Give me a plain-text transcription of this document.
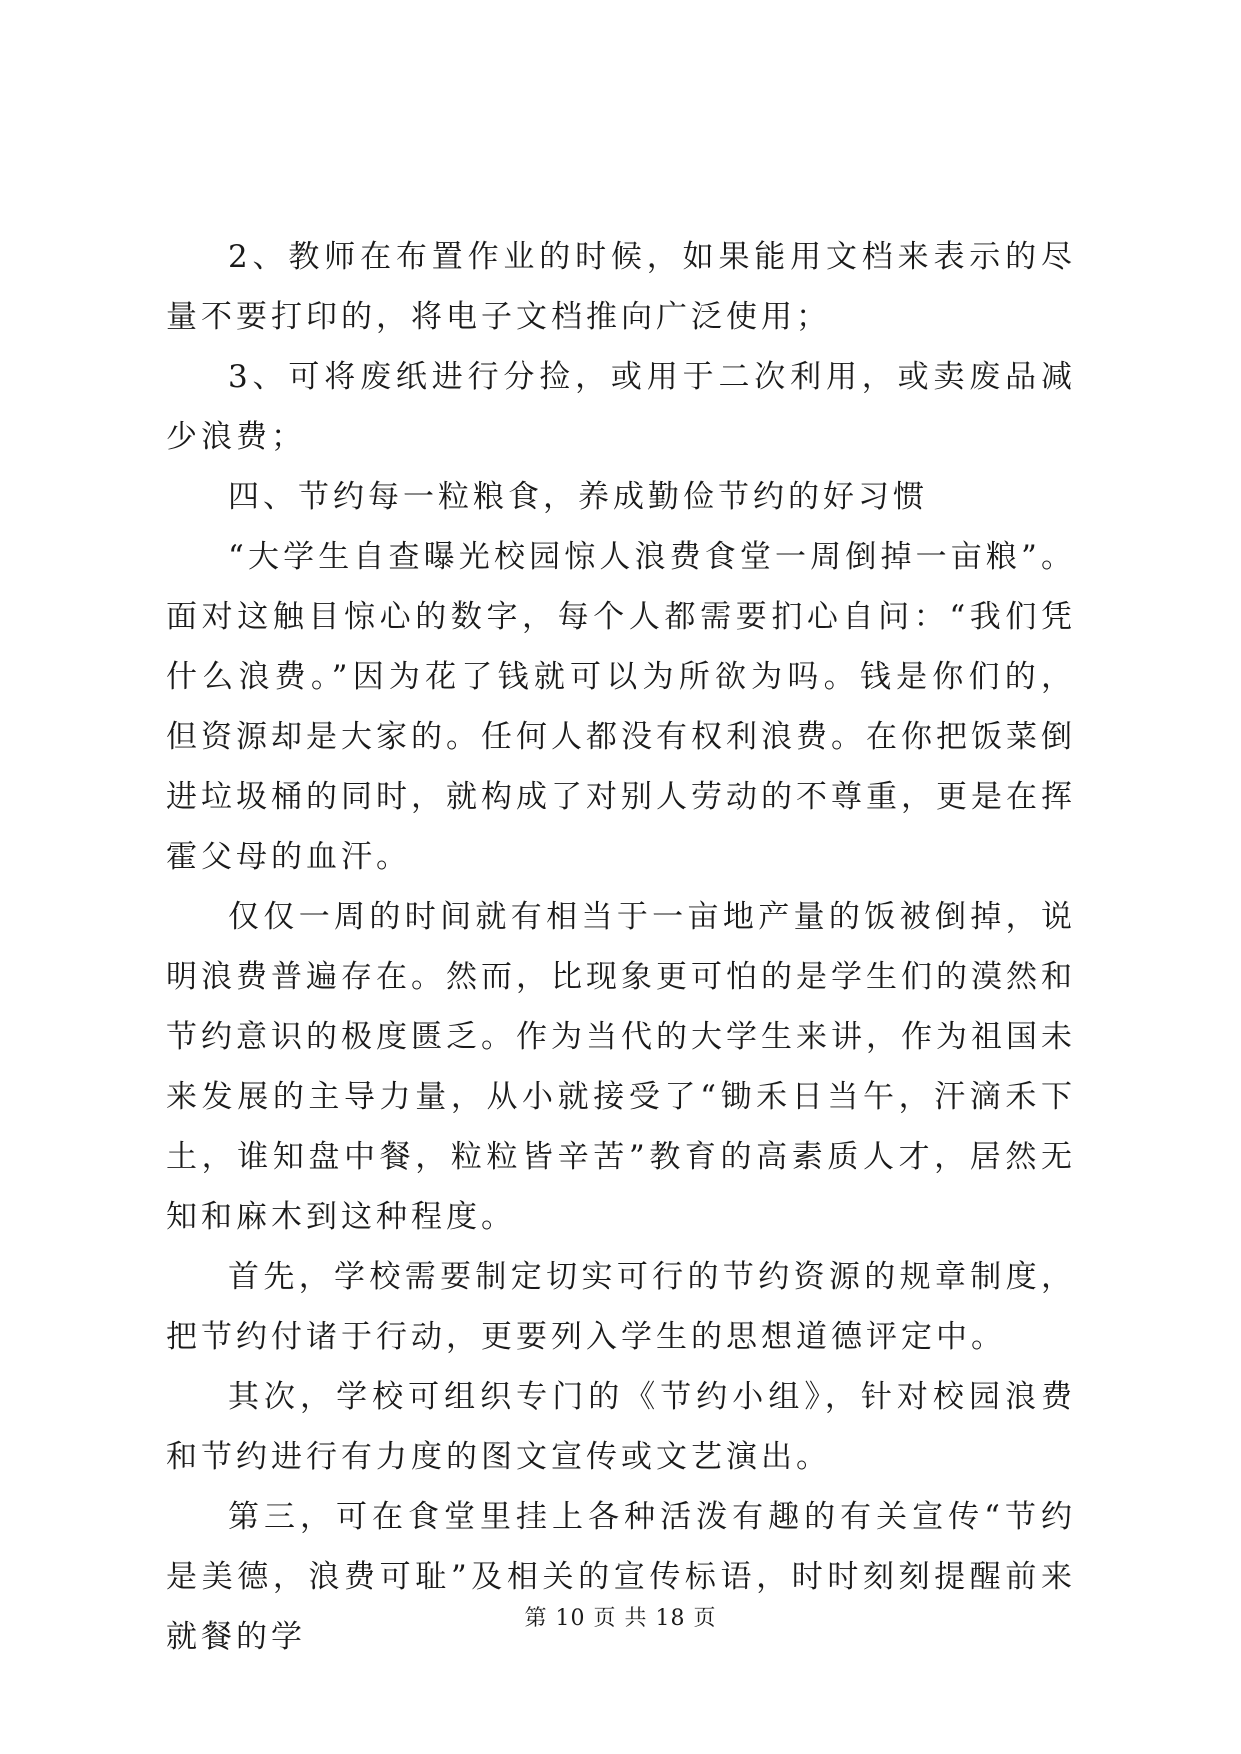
2、教师在布置作业的时候，如果能用文档来表示的尽量不要打印的，将电子文档推向广泛使用；

3、可将废纸进行分捡，或用于二次利用，或卖废品减少浪费；

四、节约每一粒粮食，养成勤俭节约的好习惯

“大学生自查曝光校园惊人浪费食堂一周倒掉一亩粮”。面对这触目惊心的数字，每个人都需要扪心自问：“我们凭什么浪费。”因为花了钱就可以为所欲为吗。钱是你们的，但资源却是大家的。任何人都没有权利浪费。在你把饭菜倒进垃圾桶的同时，就构成了对别人劳动的不尊重，更是在挥霍父母的血汗。

仅仅一周的时间就有相当于一亩地产量的饭被倒掉，说明浪费普遍存在。然而，比现象更可怕的是学生们的漠然和节约意识的极度匮乏。作为当代的大学生来讲，作为祖国未来发展的主导力量，从小就接受了“锄禾日当午，汗滴禾下土，谁知盘中餐，粒粒皆辛苦”教育的高素质人才，居然无知和麻木到这种程度。

首先，学校需要制定切实可行的节约资源的规章制度，把节约付诸于行动，更要列入学生的思想道德评定中。

其次，学校可组织专门的《节约小组》，针对校园浪费和节约进行有力度的图文宣传或文艺演出。

第三，可在食堂里挂上各种活泼有趣的有关宣传“节约是美德，浪费可耻”及相关的宣传标语，时时刻刻提醒前来就餐的学

第 10 页 共 18 页
